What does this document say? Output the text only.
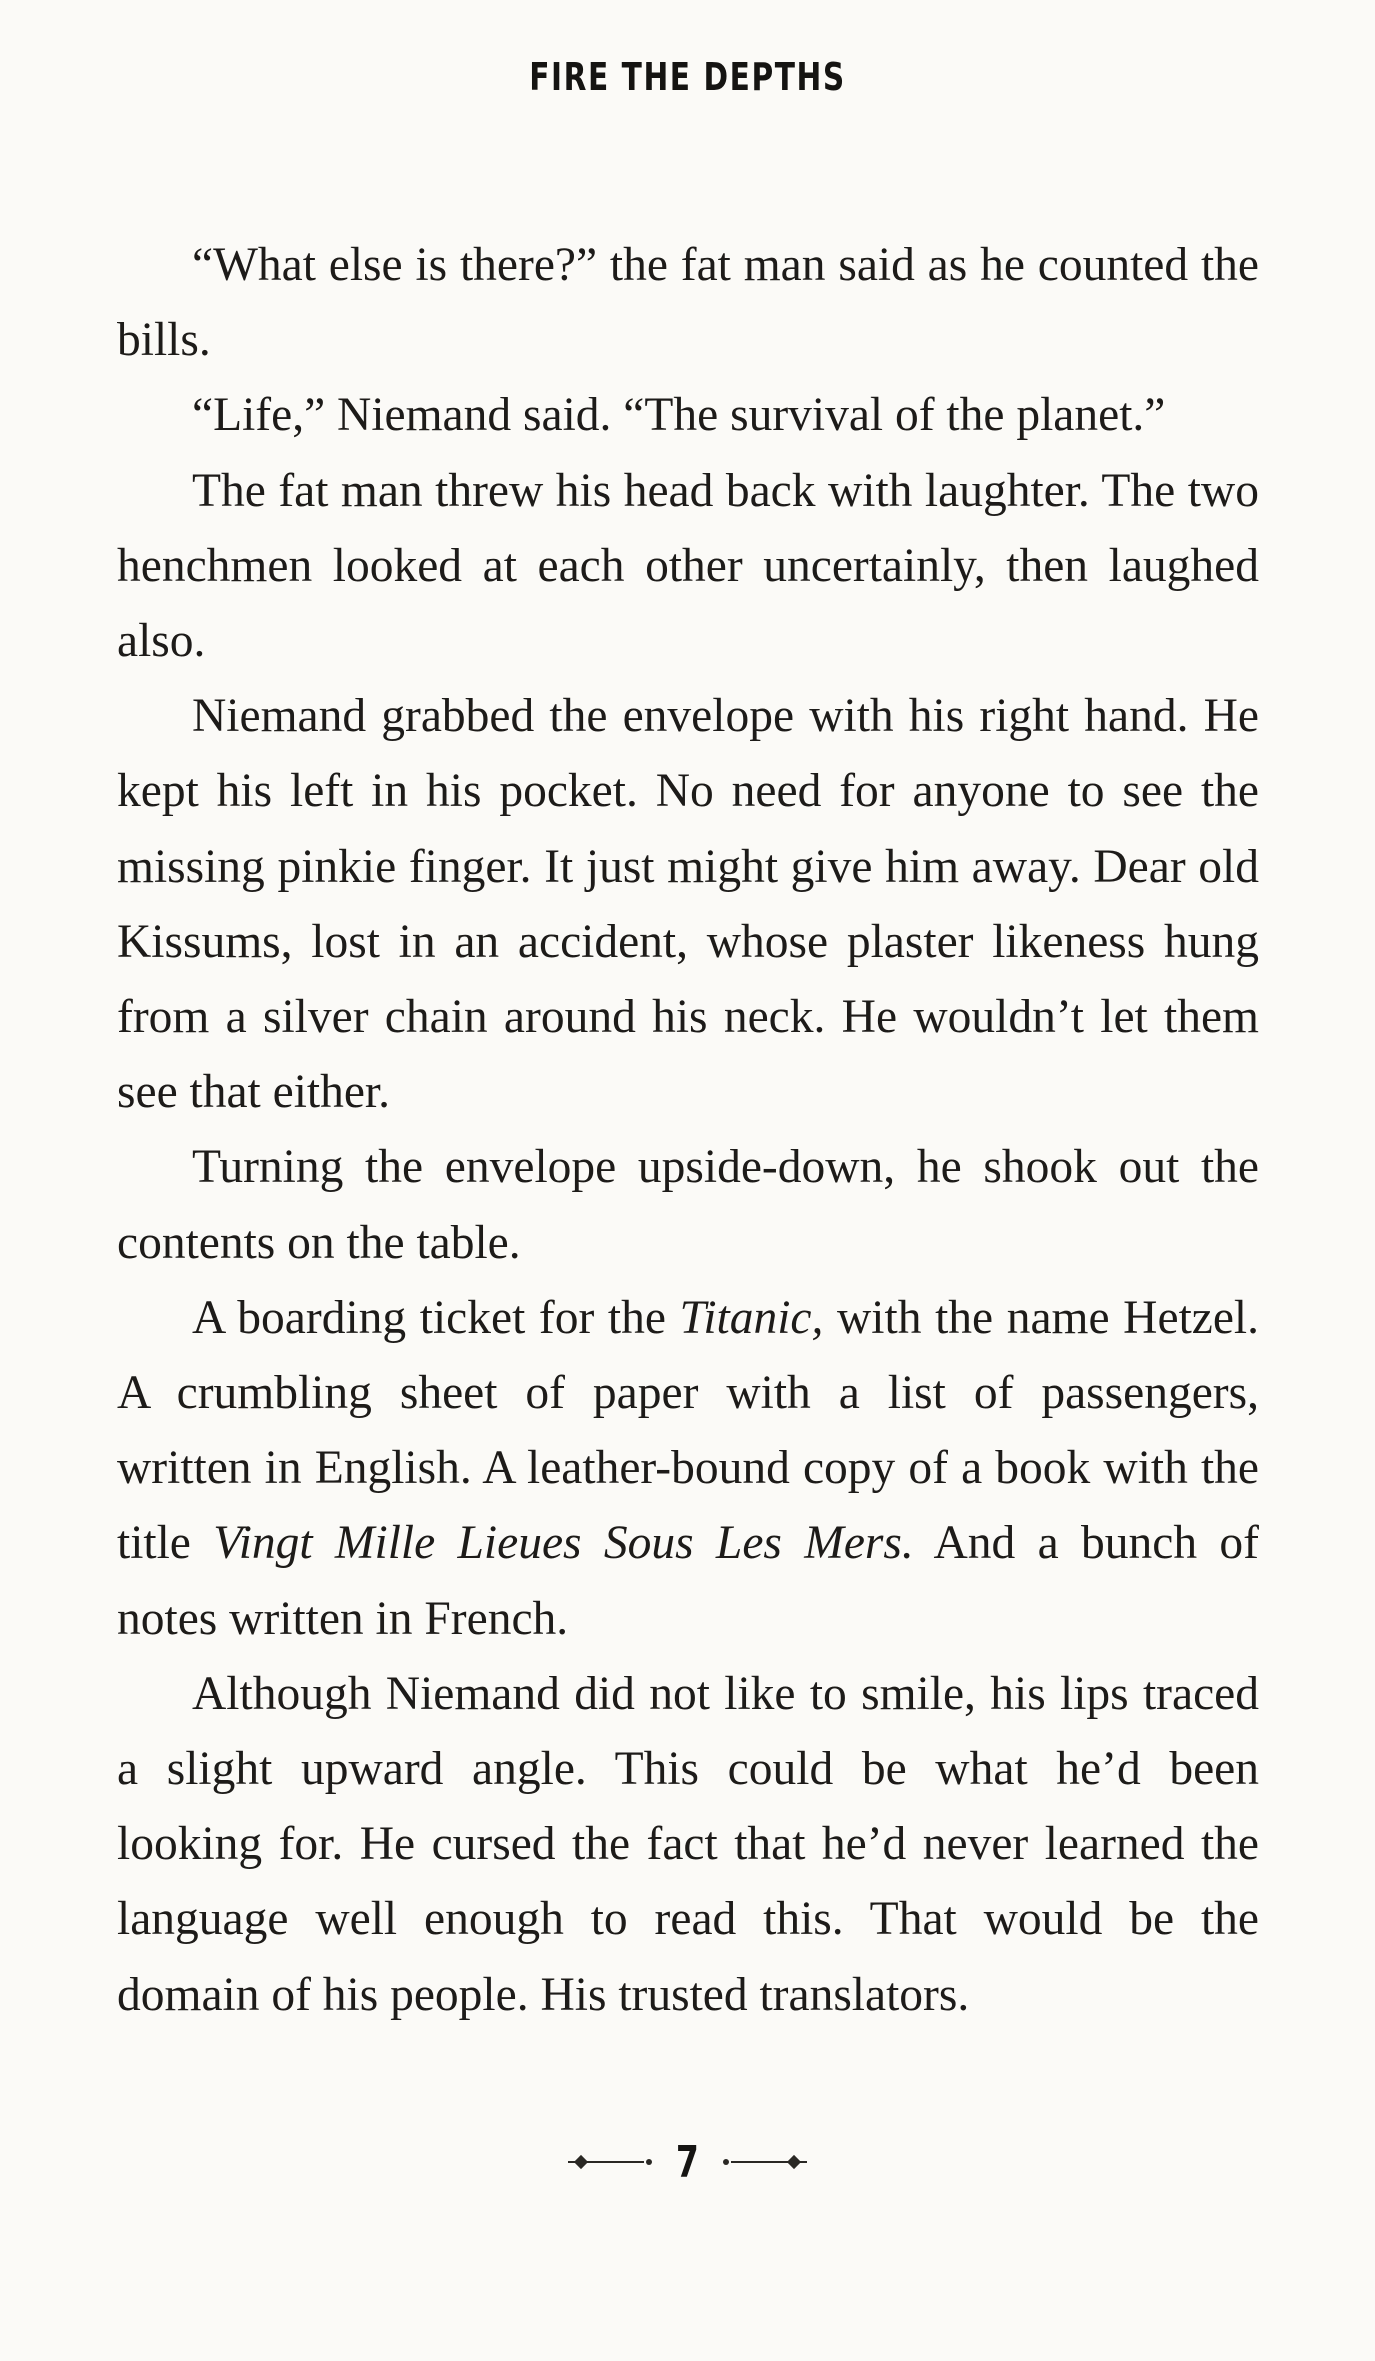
FIRE THE DEPTHS

“What else is there?” the fat man said as he counted the bills.

“Life,” Niemand said. “The survival of the planet.”

The fat man threw his head back with laughter. The two henchmen looked at each other uncertainly, then laughed also.

Niemand grabbed the envelope with his right hand. He kept his left in his pocket. No need for anyone to see the missing pinkie finger. It just might give him away. Dear old Kissums, lost in an accident, whose plaster likeness hung from a silver chain around his neck. He wouldn’t let them see that either.

Turning the envelope upside-down, he shook out the contents on the table.

A boarding ticket for the Titanic, with the name Hetzel. A crumbling sheet of paper with a list of passengers, written in English. A leather-bound copy of a book with the title Vingt Mille Lieues Sous Les Mers. And a bunch of notes written in French.

Although Niemand did not like to smile, his lips traced a slight upward angle. This could be what he’d been looking for. He cursed the fact that he’d never learned the language well enough to read this. That would be the domain of his people. His trusted translators.

7
